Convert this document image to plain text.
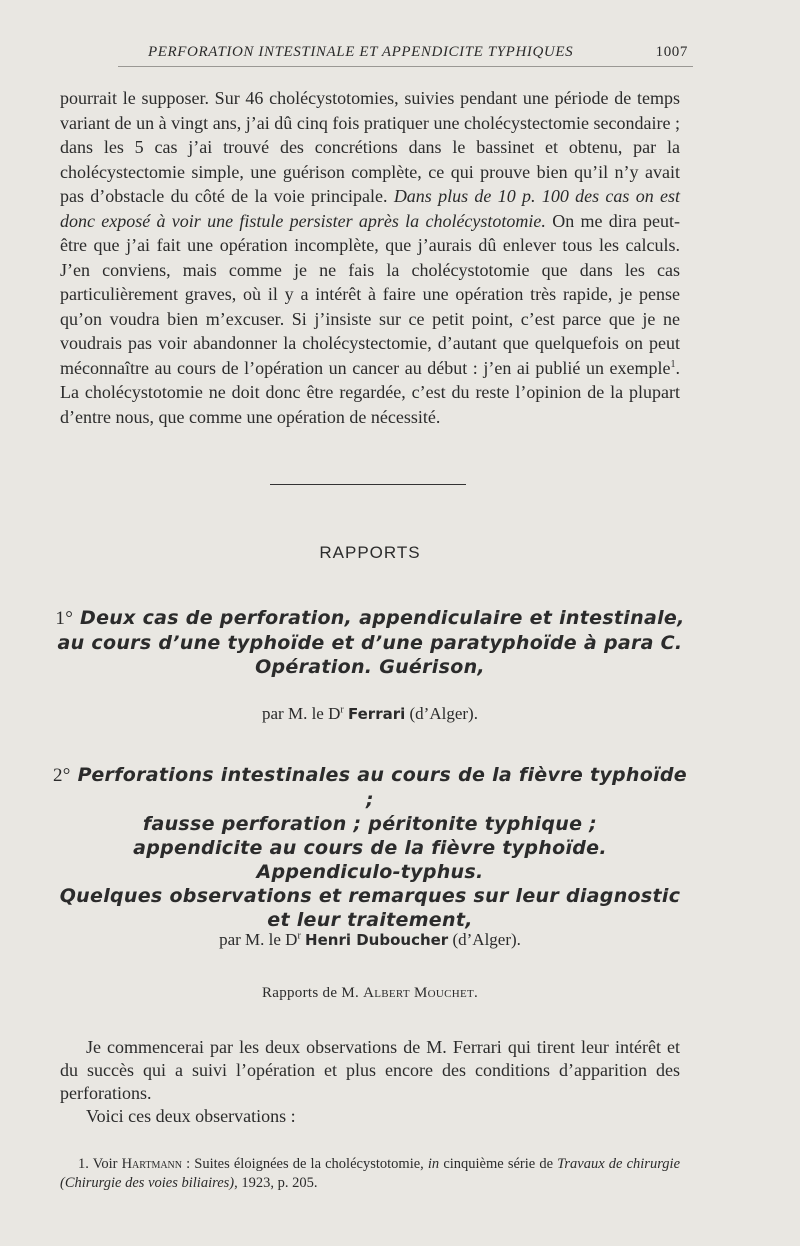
PERFORATION INTESTINALE ET APPENDICITE TYPHIQUES	1007

pourrait le supposer. Sur 46 cholécystotomies, suivies pendant une période de temps variant de un à vingt ans, j’ai dû cinq fois pratiquer une cholécystectomie secondaire ; dans les 5 cas j’ai trouvé des concrétions dans le bassinet et obtenu, par la cholécystectomie simple, une guérison complète, ce qui prouve bien qu’il n’y avait pas d’obstacle du côté de la voie principale. Dans plus de 10 p. 100 des cas on est donc exposé à voir une fistule persister après la cholécystotomie. On me dira peut-être que j’ai fait une opération incomplète, que j’aurais dû enlever tous les calculs. J’en conviens, mais comme je ne fais la cholécystotomie que dans les cas particulièrement graves, où il y a intérêt à faire une opération très rapide, je pense qu’on voudra bien m’excuser. Si j’insiste sur ce petit point, c’est parce que je ne voudrais pas voir abandonner la cholécystectomie, d’autant que quelquefois on peut méconnaître au cours de l’opération un cancer au début : j’en ai publié un exemple$^1$. La cholécystotomie ne doit donc être regardée, c’est du reste l’opinion de la plupart d’entre nous, que comme une opération de nécessité.

RAPPORTS
1° Deux cas de perforation, appendiculaire et intestinale,
au cours d’une typhoïde et d’une paratyphoïde à para C.
Opération. Guérison,
par M. le $D^r$ Ferrari (d’Alger).
2° Perforations intestinales au cours de la fièvre typhoïde ;
fausse perforation ; péritonite typhique ;
appendicite au cours de la fièvre typhoïde.
Appendiculo-typhus.
Quelques observations et remarques sur leur diagnostic
et leur traitement,
par M. le $D^r$ Henri Duboucher (d’Alger).
Rapports de M. Albert Mouchet.

Je commencerai par les deux observations de M. Ferrari qui tirent leur intérêt et du succès qui a suivi l’opération et plus encore des conditions d’apparition des perforations.

Voici ces deux observations :

1. Voir Hartmann : Suites éloignées de la cholécystotomie, in cinquième série de Travaux de chirurgie (Chirurgie des voies biliaires), 1923, p. 205.
